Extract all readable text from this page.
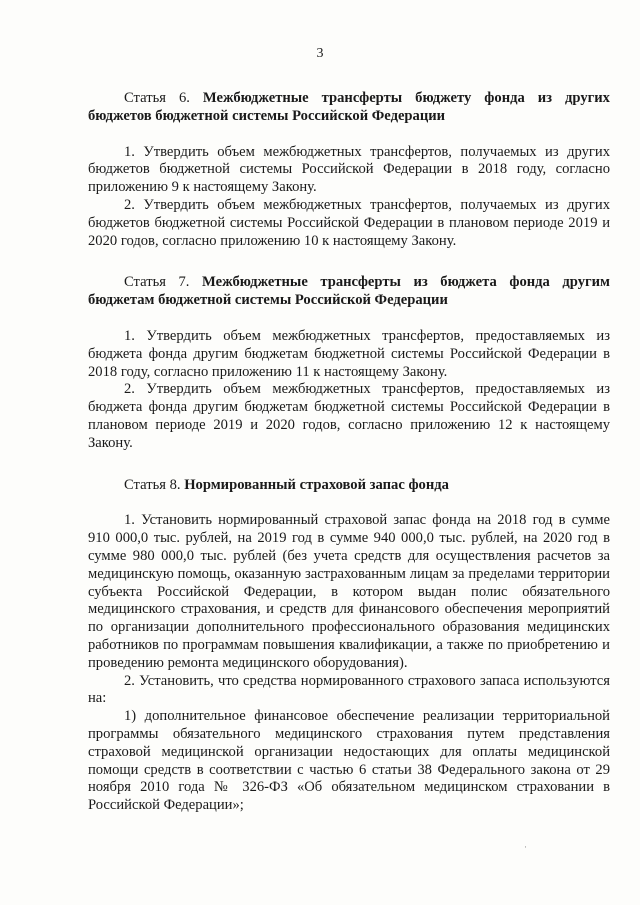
3

Статья 6. Межбюджетные трансферты бюджету фонда из других бюджетов бюджетной системы Российской Федерации

1. Утвердить объем межбюджетных трансфертов, получаемых из других бюджетов бюджетной системы Российской Федерации в 2018 году, согласно приложению 9 к настоящему Закону.

2. Утвердить объем межбюджетных трансфертов, получаемых из других бюджетов бюджетной системы Российской Федерации в плановом периоде 2019 и 2020 годов, согласно приложению 10 к настоящему Закону.

Статья 7. Межбюджетные трансферты из бюджета фонда другим бюджетам бюджетной системы Российской Федерации

1. Утвердить объем межбюджетных трансфертов, предоставляемых из бюджета фонда другим бюджетам бюджетной системы Российской Федерации в 2018 году, согласно приложению 11 к настоящему Закону.

2. Утвердить объем межбюджетных трансфертов, предоставляемых из бюджета фонда другим бюджетам бюджетной системы Российской Федерации в плановом периоде 2019 и 2020 годов, согласно приложению 12 к настоящему Закону.

Статья 8. Нормированный страховой запас фонда

1. Установить нормированный страховой запас фонда на 2018 год в сумме 910 000,0 тыс. рублей, на 2019 год в сумме 940 000,0 тыс. рублей, на 2020 год в сумме 980 000,0 тыс. рублей (без учета средств для осуществления расчетов за медицинскую помощь, оказанную застрахованным лицам за пределами территории субъекта Российской Федерации, в котором выдан полис обязательного медицинского страхования, и средств для финансового обеспечения мероприятий по организации дополнительного профессионального образования медицинских работников по программам повышения квалификации, а также по приобретению и проведению ремонта медицинского оборудования).

2. Установить, что средства нормированного страхового запаса используются на:

1) дополнительное финансовое обеспечение реализации территориальной программы обязательного медицинского страхования путем представления страховой медицинской организации недостающих для оплаты медицинской помощи средств в соответствии с частью 6 статьи 38 Федерального закона от 29 ноября 2010 года № 326-ФЗ «Об обязательном медицинском страховании в Российской Федерации»;

·
